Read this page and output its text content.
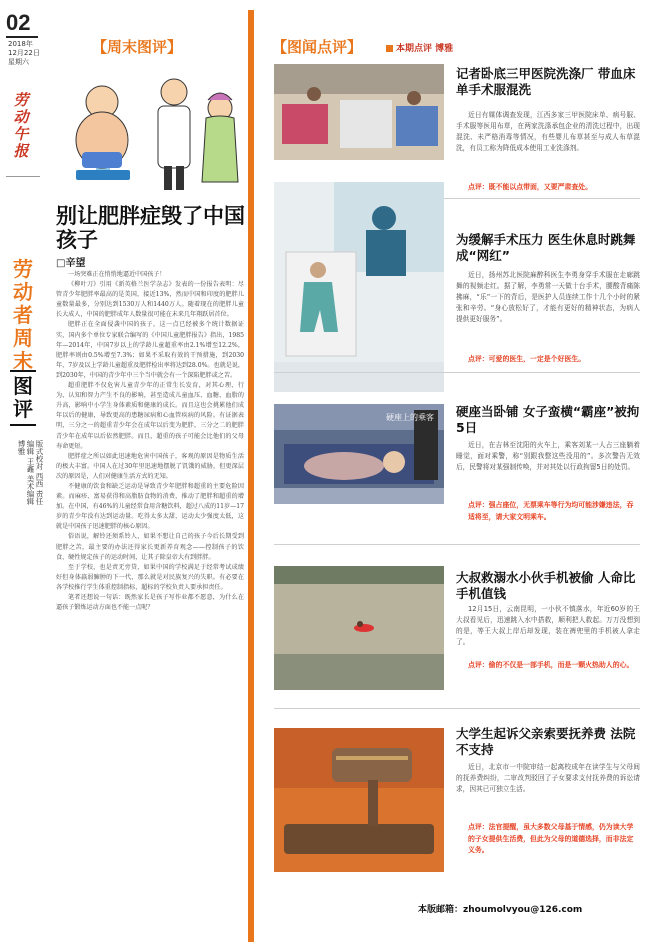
02
2018年
12月22日
星期六
劳动午报
劳动者周末
图评
版式校对 西西 责任编辑 王鑫 美术编辑 博雅
【周末图评】	【图闻点评】	本期点评 博雅
别让肥胖症毁了中国孩子
□辛望

一场突难正在悄悄地逼近中国孩子！

《柳叶刀》引用《新英格兰医学杂志》发表的一份报告表明：尽管青少年肥胖率最高的是美国，接近13%，然而中国和印度的肥胖儿童数量最多，分别达到1530万人和1440万人。随着现在的肥胖儿童长大成人，中国的肥胖成年人数量很可能在未来几年翔跃居首位。

肥胖正在全面侵袭中国的孩子，这一点已经被多个统计数据证实，国内多个单位专家联合编写的《中国儿童肥胖报告》指出，1985年—2014年，中国7岁以上的学龄儿童超重率由2.1%增至12.2%，肥胖率则由0.5%增至7.3%；如果不采取有效的干预措施，到2030年，7岁及以上学龄儿童超重及肥胖检出率将达到28.0%。也就是说，到2030年，中国的青少年中三个当中就会有一个深陷肥胖或之苦。

超重肥胖不仅危害儿童青少年的正常生长发育，对其心理、行为、认知和智力产生不良的影响，甚至造成儿童血压、血糖、血脂的升高，影响中小学生身体素质和健康的成长。而且这也会挑累他们成年以后的健康，导致更高的患糖尿病和心血管疾病的风险。有证据表明，三分之一的超重青少年会在成年以后变为肥胖，三分之二的肥胖青少年在成年以后依然肥胖。而且，超重的孩子可能会比他们的父母寿命更短。

肥胖症之所以如此迅速地危害中国孩子，客观的原因是物质生活的极大丰富。中国人在过30年里迅速地摆脱了饥饿的威胁，但更深层次的原因是，人们对健康生活方式的无知。

不健康的饮食和缺乏运动是导致青少年肥胖和超重的主要危险因素。而麻疹、富易获得和高脂肪食物的消费，推动了肥胖和超重的增加。在中国，有46%的儿童经常食用含糖饮料，超过八成的11岁—17岁的青少年没有达到运动量。吃得太多太甜，运动太少强度太低，这就是中国孩子迅速肥胖的核心原因。

俗语说，解铃还须系铃人，如果不想让自己的孩子今后长期受到肥胖之苦，最主要的办法还得家长更新养育观念——控制孩子的饮食，硬性规定孩子的运动时间，让其子除皇帝大有到胖胖。

至于学校，也是责无旁贷，如果中国的学校满足于经常考试成绩好但身体羸弱臃肿的下一代，那么就是对民族复兴的失职。有必要在各学校推行学生体重控制指标，超标的学校负责人要承担责任。

笔者还想说一句话：既然家长是孩子写作业都不愿意，为什么在逼孩子锻炼运动方面也不能一点呢？

记者卧底三甲医院洗涤厂 带血床单手术服混洗

近日有媒体调查发现，江西多家三甲医院床单、病号服、手术服等医用布草，在两家洗涤承包企业的清洗过程中，出现混洗、未严格消毒等情况，有些婴儿布草甚至与成人布草混洗，有员工称为降低成本使用工业洗涤剂。

点评：既不能以点带面，又要严肃查处。
为缓解手术压力 医生休息时跳舞成“网红”

近日，扬州苏北医院麻醉科医生李勇身穿手术服在走廊跳舞的视频走红。据了解，李勇常一天做十台手术，腰酸背痛陈拂麻，“乐”一下的背后，是医护人员连续工作十几个小时的紧张和辛劳。“身心放松好了，才能有更好的精神状态，为病人提供更好服务”。

点评：可爱的医生，一定是个好医生。
硬座上的乘客 硬座当卧铺 女子蛮横“霸座”被拘5日

近日，在吉林至沈阳的火车上，乘客刘某一人占三座躺着睡觉，面对乘警，称“别跟我整这些没用的”。多次警告无效后，民警将对某强制传唤，并对其处以行政拘留5日的处罚。

点评：强占座位，无票乘车等行为均可能涉嫌违法，吞适将至，请大家文明乘车。
大叔救溺水小伙手机被偷 人命比手机值钱

12月15日，云南昆明，一小伙不慎落水，年近60岁的王大叔看见后，迅速跳入水中搭救，顺利把人救起。万万没想到的是，等王大叔上岸后却发现，装在裤兜里的手机被人拿走了。

点评：偷的不仅是一部手机，而是一颗火热助人的心。
大学生起诉父亲索要抚养费 法院不支持

近日，北京市一中院审结一起离校成年在读学生与父母间的抚养费纠纷，二审改判驳回了子女要求支付抚养费的诉讼请求，因其已可独立生活。

点评：法官提醒，虽大多数父母基于情感，仍为读大学的子女提供生活费，但此为父母的道德选择，而非法定义务。
本版邮箱：zhoumolvyou@126.com
